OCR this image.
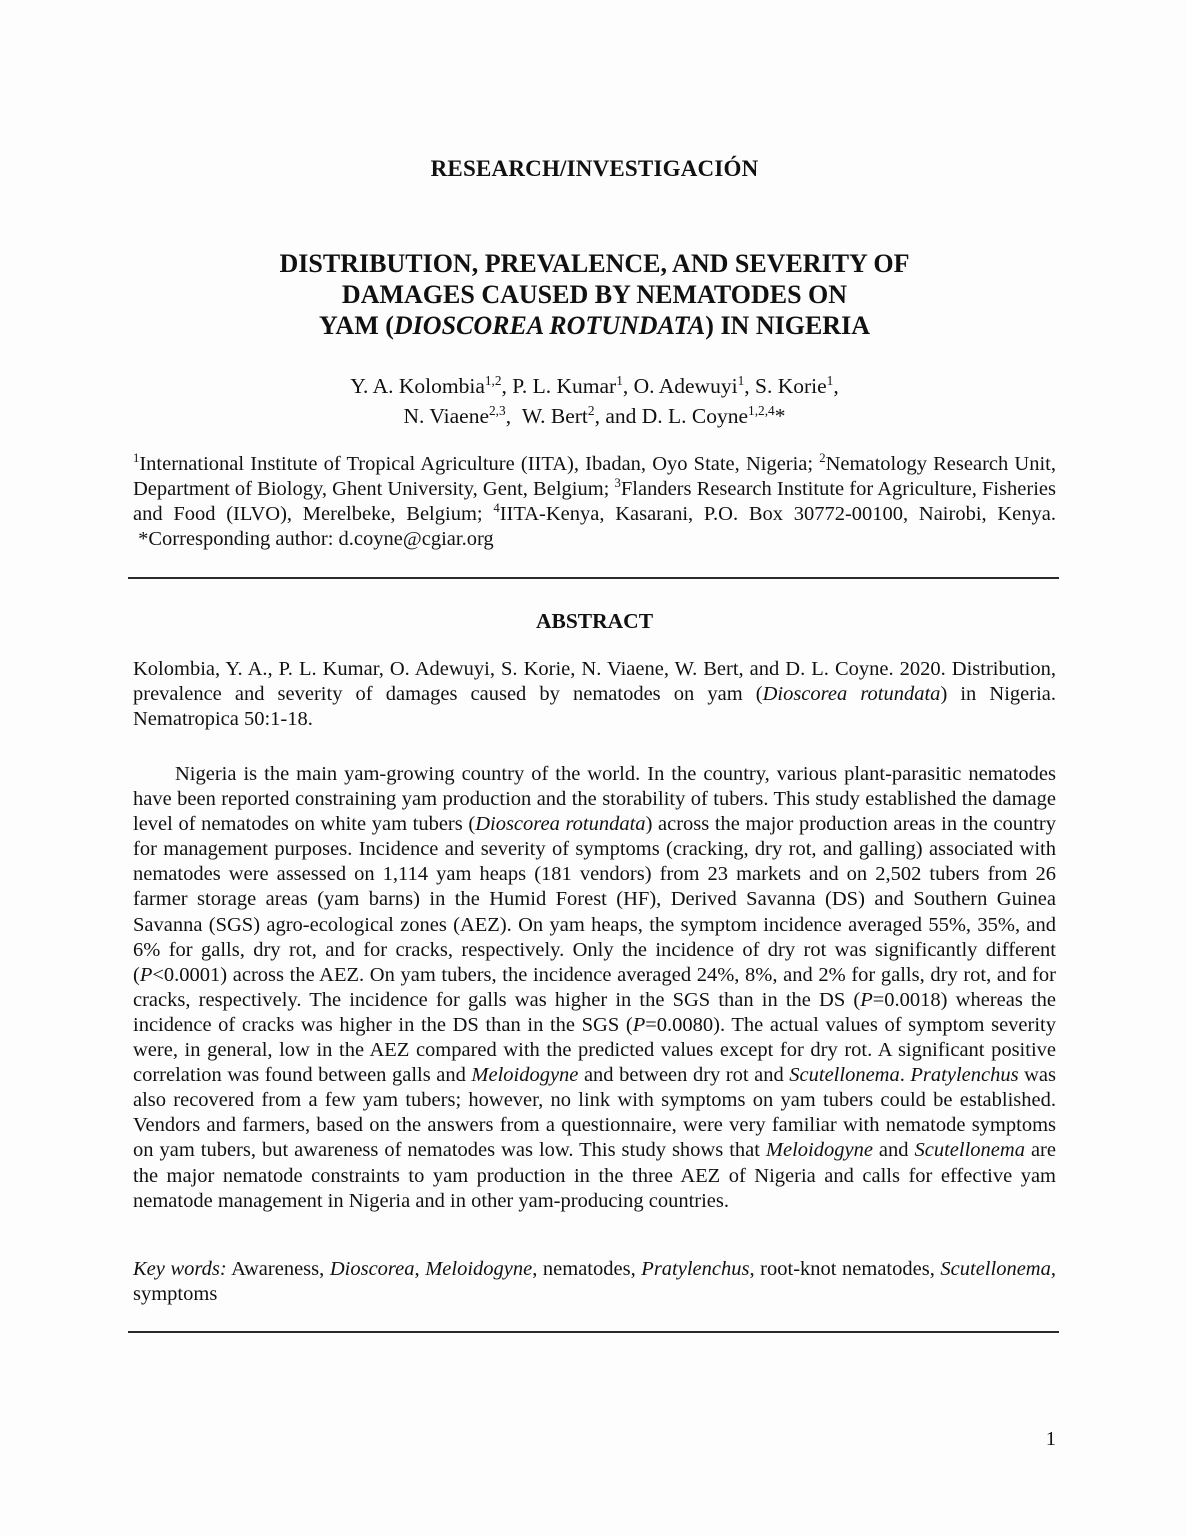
RESEARCH/INVESTIGACIÓN
DISTRIBUTION, PREVALENCE, AND SEVERITY OF
DAMAGES CAUSED BY NEMATODES ON
YAM (DIOSCOREA ROTUNDATA) IN NIGERIA
Y. A. Kolombia$^{1,2}$, P. L. Kumar$^1$, O. Adewuyi$^1$, S. Korie$^1$,
N. Viaene$^{2,3}$,  W. Bert$^2$, and D. L. Coyne$^{1,2,4}$*
$^1$International Institute of Tropical Agriculture (IITA), Ibadan, Oyo State, Nigeria; $^2$Nematology Research Unit, Department of Biology, Ghent University, Gent, Belgium; $^3$Flanders Research Institute for Agriculture, Fisheries and Food (ILVO), Merelbeke, Belgium; $^4$IITA-Kenya, Kasarani, P.O. Box 30772-00100, Nairobi, Kenya.  *Corresponding author: d.coyne@cgiar.org
ABSTRACT
Kolombia, Y. A., P. L. Kumar, O. Adewuyi, S. Korie, N. Viaene, W. Bert, and D. L. Coyne. 2020. Distribution, prevalence and severity of damages caused by nematodes on yam (Dioscorea rotundata) in Nigeria. Nematropica 50:1-18.
Nigeria is the main yam-growing country of the world. In the country, various plant-parasitic nematodes have been reported constraining yam production and the storability of tubers. This study established the damage level of nematodes on white yam tubers (Dioscorea rotundata) across the major production areas in the country for management purposes. Incidence and severity of symptoms (cracking, dry rot, and galling) associated with nematodes were assessed on 1,114 yam heaps (181 vendors) from 23 markets and on 2,502 tubers from 26 farmer storage areas (yam barns) in the Humid Forest (HF), Derived Savanna (DS) and Southern Guinea Savanna (SGS) agro-ecological zones (AEZ). On yam heaps, the symptom incidence averaged 55%, 35%, and 6% for galls, dry rot, and for cracks, respectively. Only the incidence of dry rot was significantly different (P<0.0001) across the AEZ. On yam tubers, the incidence averaged 24%, 8%, and 2% for galls, dry rot, and for cracks, respectively. The incidence for galls was higher in the SGS than in the DS (P=0.0018) whereas the incidence of cracks was higher in the DS than in the SGS (P=0.0080). The actual values of symptom severity were, in general, low in the AEZ compared with the predicted values except for dry rot. A significant positive correlation was found between galls and Meloidogyne and between dry rot and Scutellonema. Pratylenchus was also recovered from a few yam tubers; however, no link with symptoms on yam tubers could be established. Vendors and farmers, based on the answers from a questionnaire, were very familiar with nematode symptoms on yam tubers, but awareness of nematodes was low. This study shows that Meloidogyne and Scutellonema are the major nematode constraints to yam production in the three AEZ of Nigeria and calls for effective yam nematode management in Nigeria and in other yam-producing countries.
Key words: Awareness, Dioscorea, Meloidogyne, nematodes, Pratylenchus, root-knot nematodes, Scutellonema, symptoms
1
